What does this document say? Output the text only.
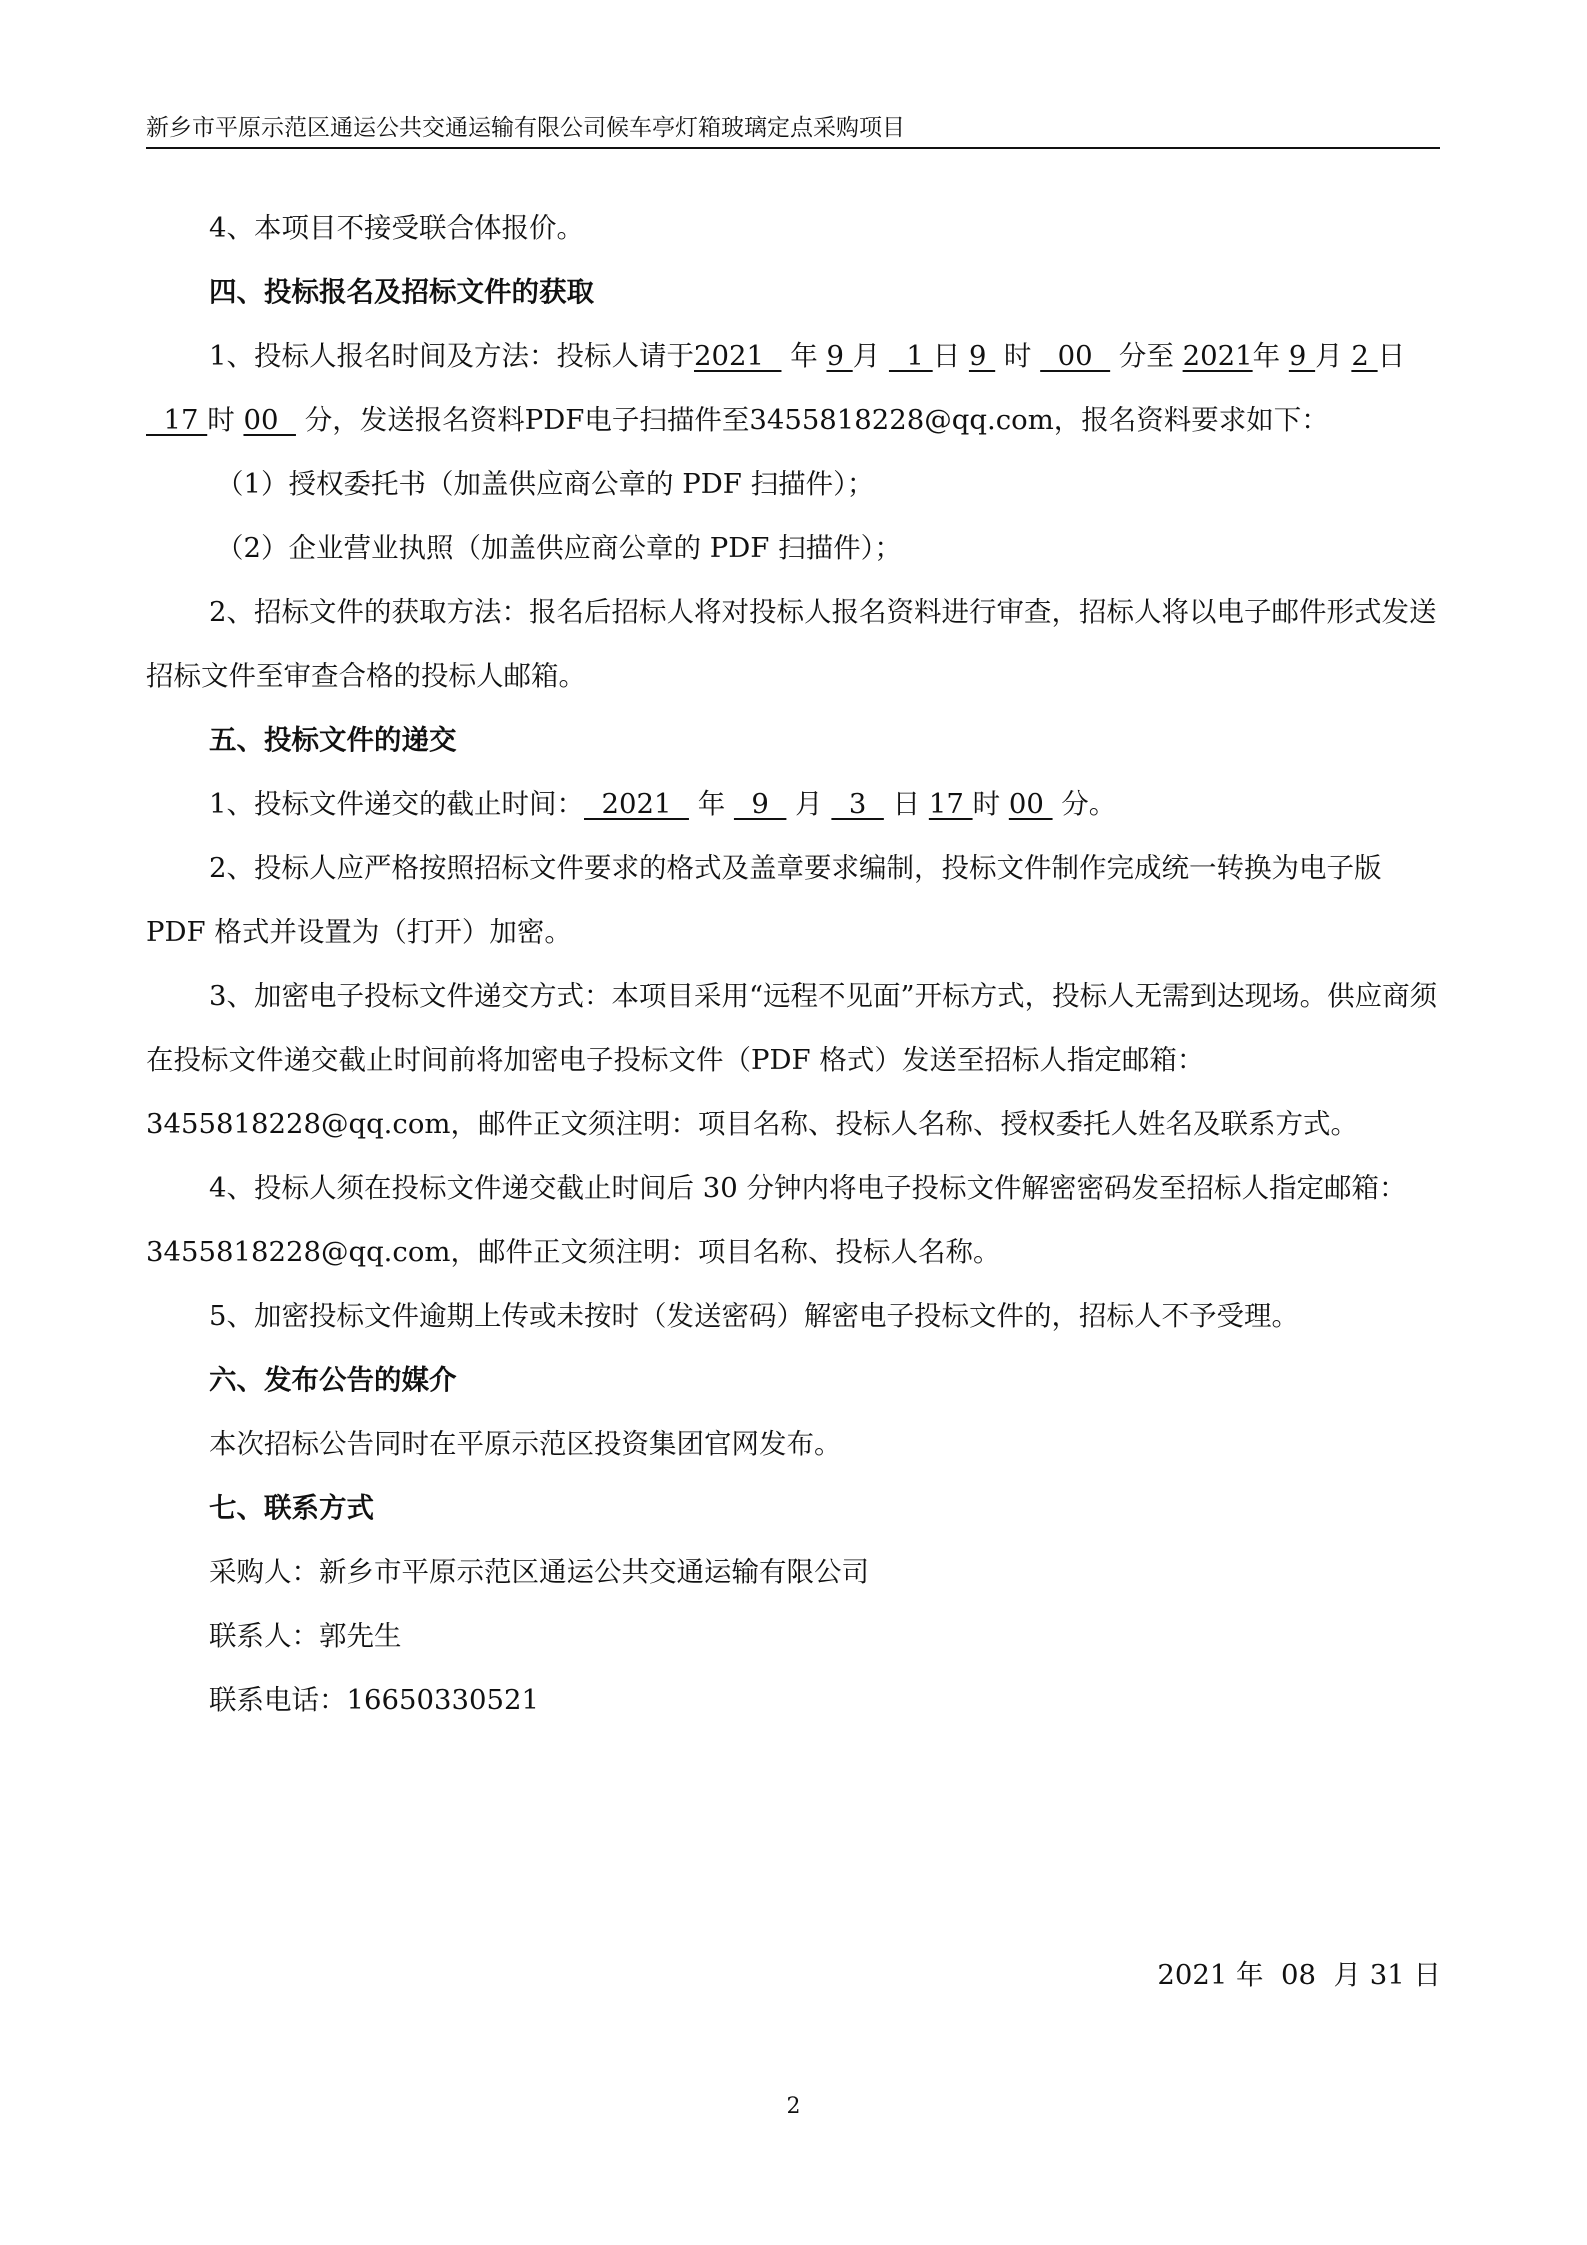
新乡市平原示范区通运公共交通运输有限公司候车亭灯箱玻璃定点采购项目

4、本项目不接受联合体报价。

四、投标报名及招标文件的获取

1、投标人报名时间及方法：投标人请于2021   年 9 月   1 日 9  时   00   分至 2021年 9 月 2 日   17 时 00   分，发送报名资料PDF电子扫描件至3455818228@qq.com，报名资料要求如下：

（1）授权委托书（加盖供应商公章的 PDF 扫描件）；

（2）企业营业执照（加盖供应商公章的 PDF 扫描件）；

2、招标文件的获取方法：报名后招标人将对投标人报名资料进行审查，招标人将以电子邮件形式发送招标文件至审查合格的投标人邮箱。

五、投标文件的递交

1、投标文件递交的截止时间：  2021   年   9   月   3   日 17 时 00  分。

2、投标人应严格按照招标文件要求的格式及盖章要求编制，投标文件制作完成统一转换为电子版 PDF 格式并设置为（打开）加密。

3、加密电子投标文件递交方式：本项目采用“远程不见面”开标方式，投标人无需到达现场。供应商须在投标文件递交截止时间前将加密电子投标文件（PDF 格式）发送至招标人指定邮箱：3455818228@qq.com，邮件正文须注明：项目名称、投标人名称、授权委托人姓名及联系方式。

4、投标人须在投标文件递交截止时间后 30 分钟内将电子投标文件解密密码发至招标人指定邮箱：3455818228@qq.com，邮件正文须注明：项目名称、投标人名称。

5、加密投标文件逾期上传或未按时（发送密码）解密电子投标文件的，招标人不予受理。

六、发布公告的媒介

本次招标公告同时在平原示范区投资集团官网发布。

七、联系方式

采购人：新乡市平原示范区通运公共交通运输有限公司

联系人：郭先生

联系电话：16650330521

2021 年  08  月 31 日
2
